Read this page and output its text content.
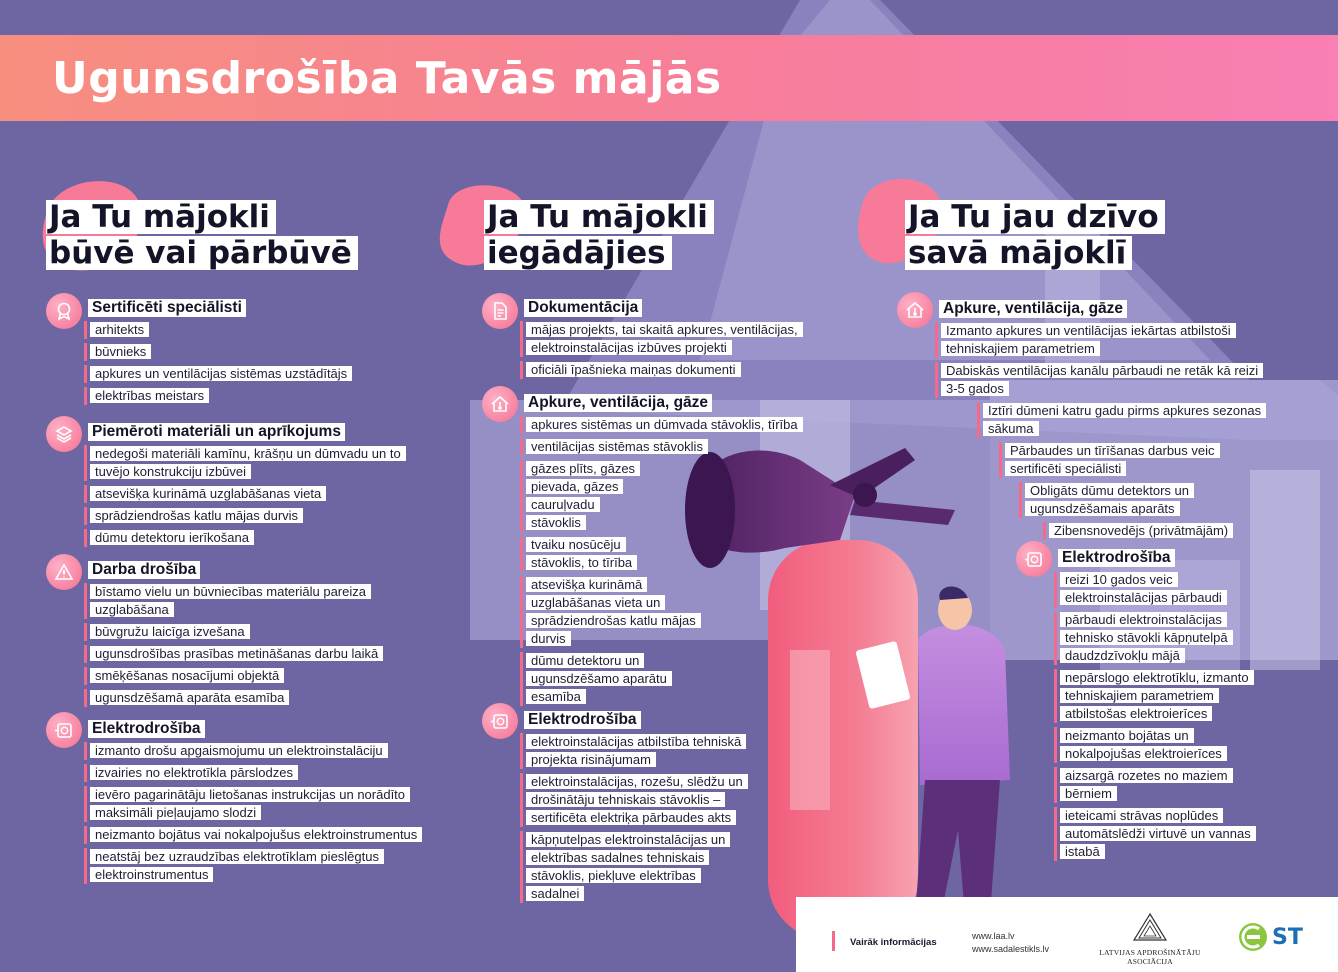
Ugunsdrošība Tavās mājās
Ja Tu mājokli
būvē vai pārbūvē
Ja Tu mājokli
iegādājies
Ja Tu jau dzīvo
savā mājoklī
Sertificēti speciālisti
arhitekts
būvnieks
apkures un ventilācijas sistēmas uzstādītājs
elektrības meistars
Piemēroti materiāli un aprīkojums
nedegoši materiāli kamīnu, krāšņu un dūmvadu un to tuvējo konstrukciju izbūvei
atsevišķa kurināmā uzglabāšanas vieta
sprādziendrošas katlu mājas durvis
dūmu detektoru ierīkošana
Darba drošība
bīstamo vielu un būvniecības materiālu pareiza uzglabāšana
būvgružu laicīga izvešana
ugunsdrošības prasības metināšanas darbu laikā
smēķēšanas nosacījumi objektā
ugunsdzēšamā aparāta esamība
Elektrodrošība
izmanto drošu apgaismojumu un elektroinstalāciju
izvairies no elektrotīkla pārslodzes
ievēro pagarinātāju lietošanas instrukcijas un norādīto maksimāli pieļaujamo slodzi
neizmanto bojātus vai nokalpojušus elektroinstrumentus
neatstāj bez uzraudzības elektrotīklam pieslēgtus elektroinstrumentus
Dokumentācija
mājas projekts, tai skaitā apkures, ventilācijas, elektroinstalācijas izbūves projekti
oficiāli īpašnieka maiņas dokumenti
Apkure, ventilācija, gāze
apkures sistēmas un dūmvada stāvoklis, tīrība
ventilācijas sistēmas stāvoklis
gāzes plīts, gāzes pievada, gāzes cauruļvadu stāvoklis
tvaiku nosūcēju stāvoklis, to tīrība
atsevišķa kurināmā uzglabāšanas vieta un sprādziendrošas katlu mājas durvis
dūmu detektoru un ugunsdzēšamo aparātu esamība
Elektrodrošība
elektroinstalācijas atbilstība tehniskā projekta risinājumam
elektroinstalācijas, rozešu, slēdžu un drošinātāju tehniskais stāvoklis – sertificēta elektriķa pārbaudes akts
kāpņutelpas elektroinstalācijas un elektrības sadalnes tehniskais stāvoklis, piekļuve elektrības sadalnei
Apkure, ventilācija, gāze
Izmanto apkures un ventilācijas iekārtas atbilstoši tehniskajiem parametriem
Dabiskās ventilācijas kanālu pārbaudi ne retāk kā reizi 3-5 gados
Iztīri dūmeni katru gadu pirms apkures sezonas sākuma
Pārbaudes un tīrīšanas darbus veic sertificēti speciālisti
Obligāts dūmu detektors un ugunsdzēšamais aparāts
Zibensnovedējs (privātmājām)
Elektrodrošība
reizi 10 gados veic elektroinstalācijas pārbaudi
pārbaudi elektroinstalācijas tehnisko stāvokli kāpņutelpā daudzdzīvokļu mājā
nepārslogo elektrotīklu, izmanto tehniskajiem parametriem atbilstošas elektroierīces
neizmanto bojātas un nokalpojušas elektroierīces
aizsargā rozetes no maziem bērniem
ieteicami strāvas noplūdes automātslēdži virtuvē un vannas istabā
Vairāk informācijas
www.laa.lv
www.sadalestikls.lv	LATVIJAS APDROŠINĀTĀJU ASOCIĀCIJA
ST
